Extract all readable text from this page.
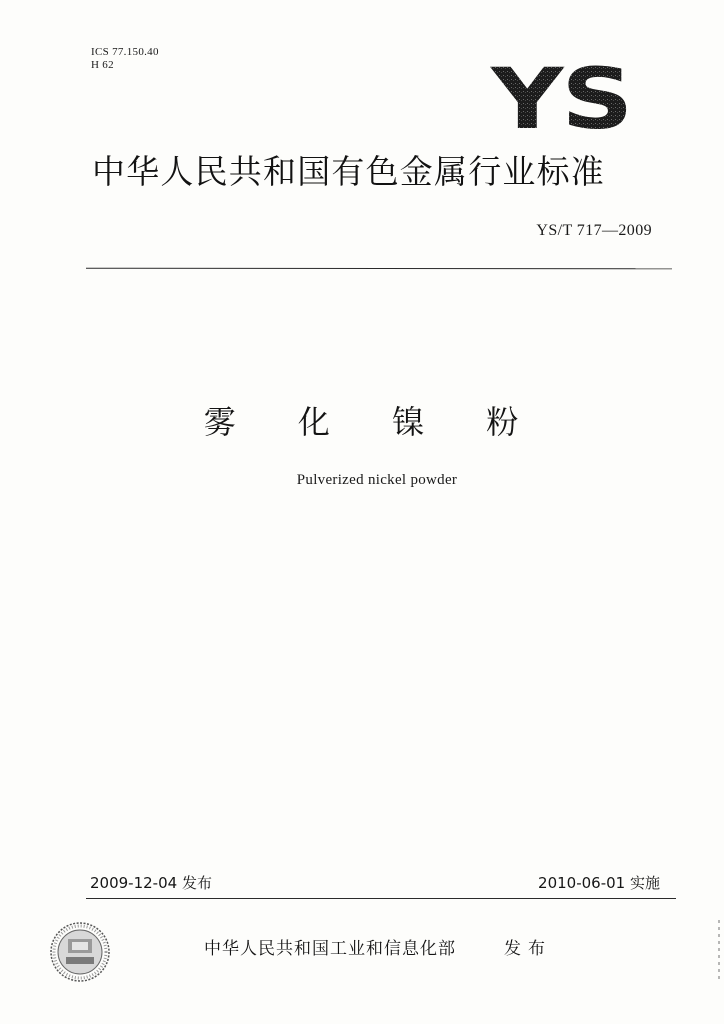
ICS 77.150.40
H 62	YS
中华人民共和国有色金属行业标准
YS/T 717—2009
雾 化 镍 粉
Pulverized nickel powder
2009-12-04 发布	2010-06-01 实施
中华人民共和国工业和信息化部	发布
